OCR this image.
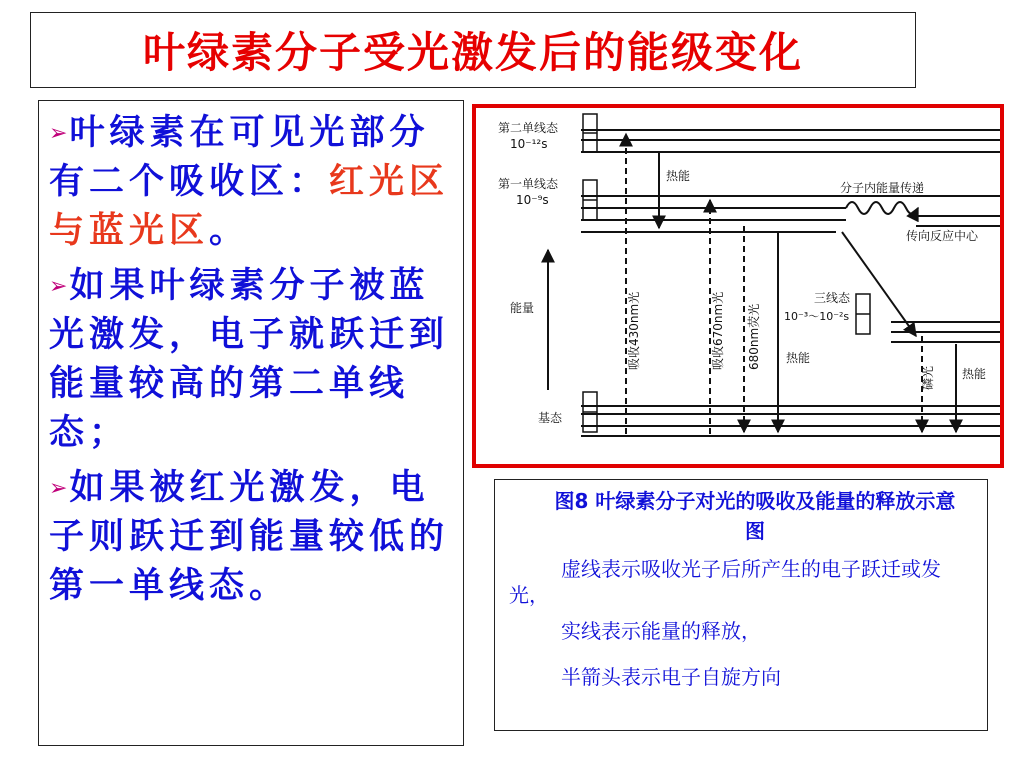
叶绿素分子受光激发后的能级变化
➢叶绿素在可见光部分有二个吸收区：红光区与蓝光区。
➢如果叶绿素分子被蓝光激发，电子就跃迁到能量较高的第二单线态；
➢如果被红光激发，电子则跃迁到能量较低的第一单线态。
第二单线态
10⁻¹²s
第一单线态
10⁻⁹s
能量
基态
热能
热能
热能
分子内能量传递
传向反应中心
三线态
10⁻³～10⁻²s
吸收430nm光	吸收670nm光 680nm荧光
磷光
图8 叶绿素分子对光的吸收及能量的释放示意图
虚线表示吸收光子后所产生的电子跃迁或发光，
实线表示能量的释放，
半箭头表示电子自旋方向
